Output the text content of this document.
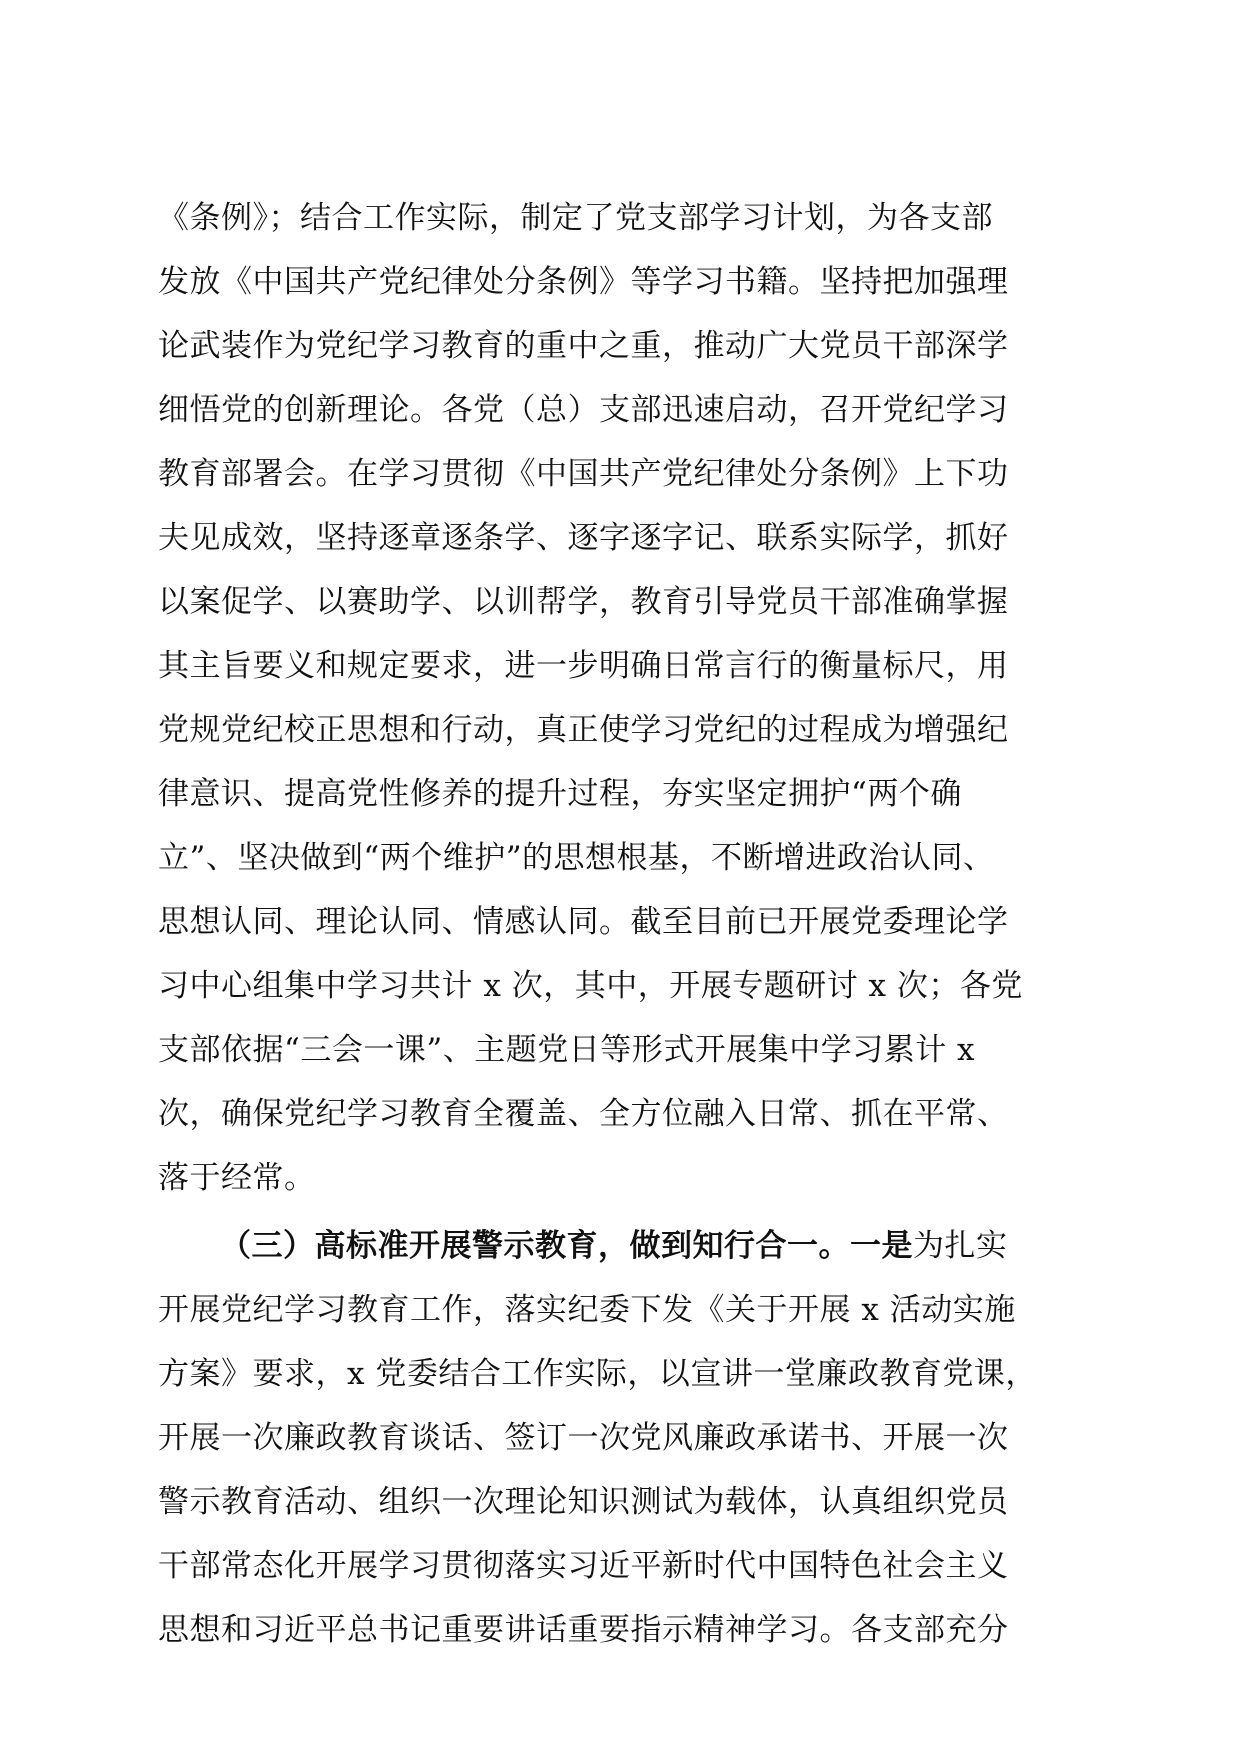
《条例》；结合工作实际，制定了党支部学习计划，为各支部
发放《中国共产党纪律处分条例》等学习书籍。坚持把加强理
论武装作为党纪学习教育的重中之重，推动广大党员干部深学
细悟党的创新理论。各党（总）支部迅速启动，召开党纪学习
教育部署会。在学习贯彻《中国共产党纪律处分条例》上下功
夫见成效，坚持逐章逐条学、逐字逐字记、联系实际学，抓好
以案促学、以赛助学、以训帮学，教育引导党员干部准确掌握
其主旨要义和规定要求，进一步明确日常言行的衡量标尺，用
党规党纪校正思想和行动，真正使学习党纪的过程成为增强纪
律意识、提高党性修养的提升过程，夯实坚定拥护“两个确
立”、坚决做到“两个维护”的思想根基，不断增进政治认同、
思想认同、理论认同、情感认同。截至目前已开展党委理论学
习中心组集中学习共计 x 次，其中，开展专题研讨 x 次；各党
支部依据“三会一课”、主题党日等形式开展集中学习累计 x
次，确保党纪学习教育全覆盖、全方位融入日常、抓在平常、
落于经常。
（三）高标准开展警示教育，做到知行合一。一是为扎实
开展党纪学习教育工作，落实纪委下发《关于开展 x 活动实施
方案》要求，x 党委结合工作实际，以宣讲一堂廉政教育党课，
开展一次廉政教育谈话、签订一次党风廉政承诺书、开展一次
警示教育活动、组织一次理论知识测试为载体，认真组织党员
干部常态化开展学习贯彻落实习近平新时代中国特色社会主义
思想和习近平总书记重要讲话重要指示精神学习。各支部充分
